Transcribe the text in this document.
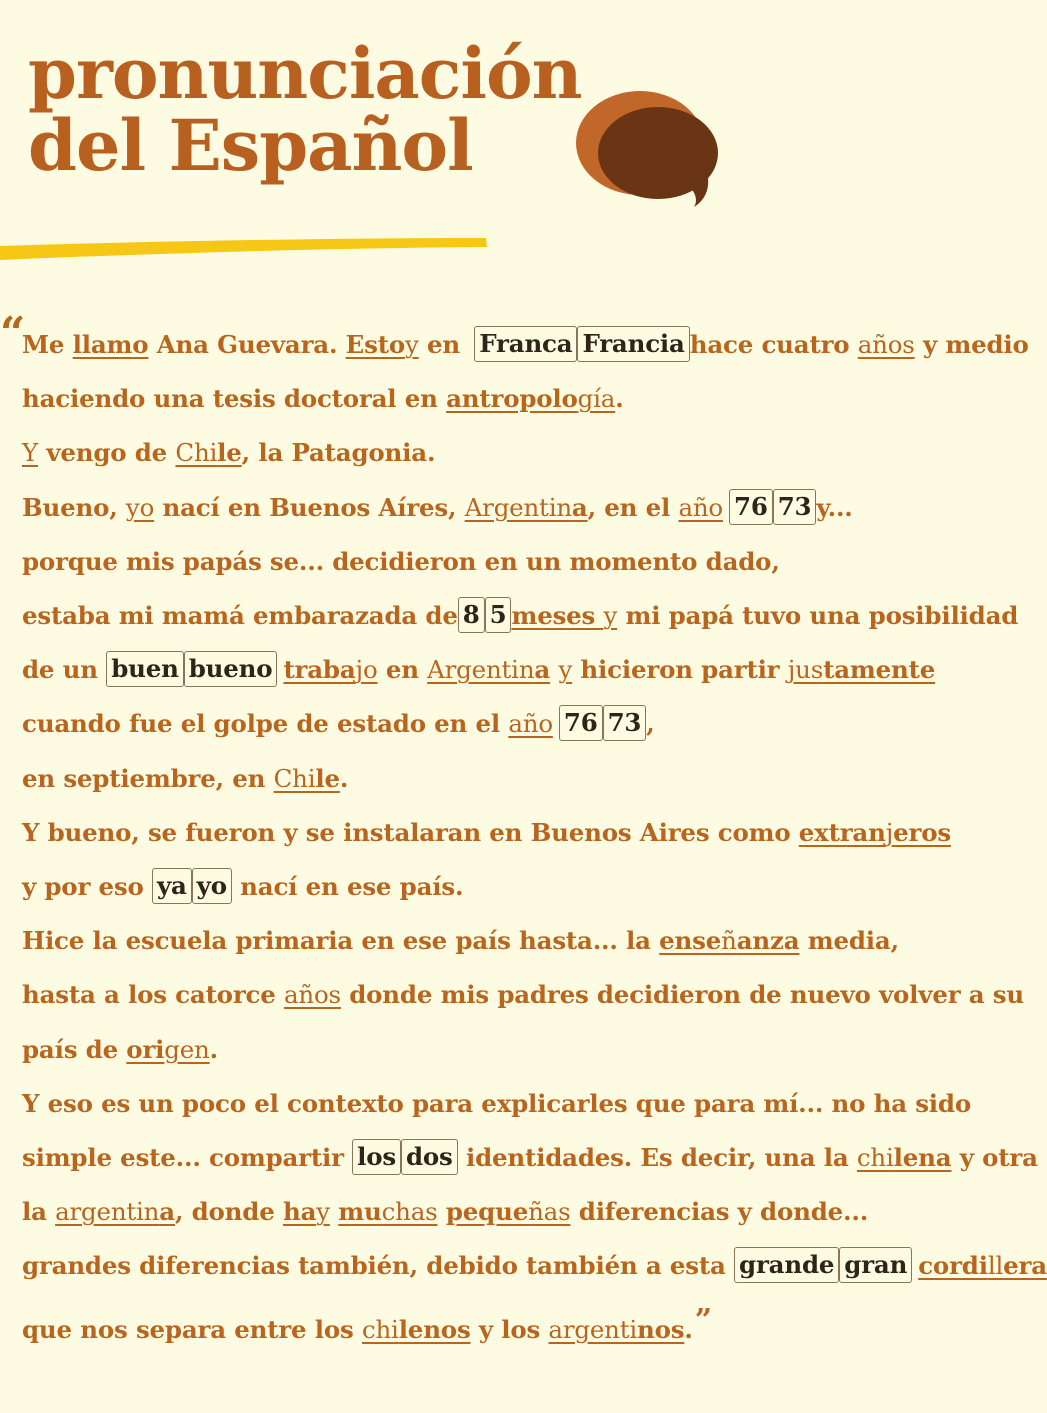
pronunciación
del Español
“
Me llamo Ana Guevara. Estoy en Franca Francia hace cuatro años y medio
haciendo una tesis doctoral en antropología.
Y vengo de Chile, la Patagonia.
Bueno, yo nací en Buenos Aíres, Argentina, en el año 76 73 y...
porque mis papás se... decidieron en un momento dado,
estaba mi mamá embarazada de 8 5 meses y mi papá tuvo una posibilidad
de un buen bueno trabajo en Argentina y hicieron partir justamente
cuando fue el golpe de estado en el año 76 73 ,
en septiembre, en Chile.
Y bueno, se fueron y se instalaran en Buenos Aires como extranjeros
y por eso ya yo nací en ese país.
Hice la escuela primaria en ese país hasta... la enseñanza media,
hasta a los catorce años donde mis padres decidieron de nuevo volver a su
país de origen.
Y eso es un poco el contexto para explicarles que para mí... no ha sido
simple este... compartir los dos identidades. Es decir, una la chilena y otra
la argentina, donde hay muchas pequeñas diferencias y donde...
grandes diferencias también, debido también a esta grande gran cordillera
que nos separa entre los chilenos y los argentinos.”
